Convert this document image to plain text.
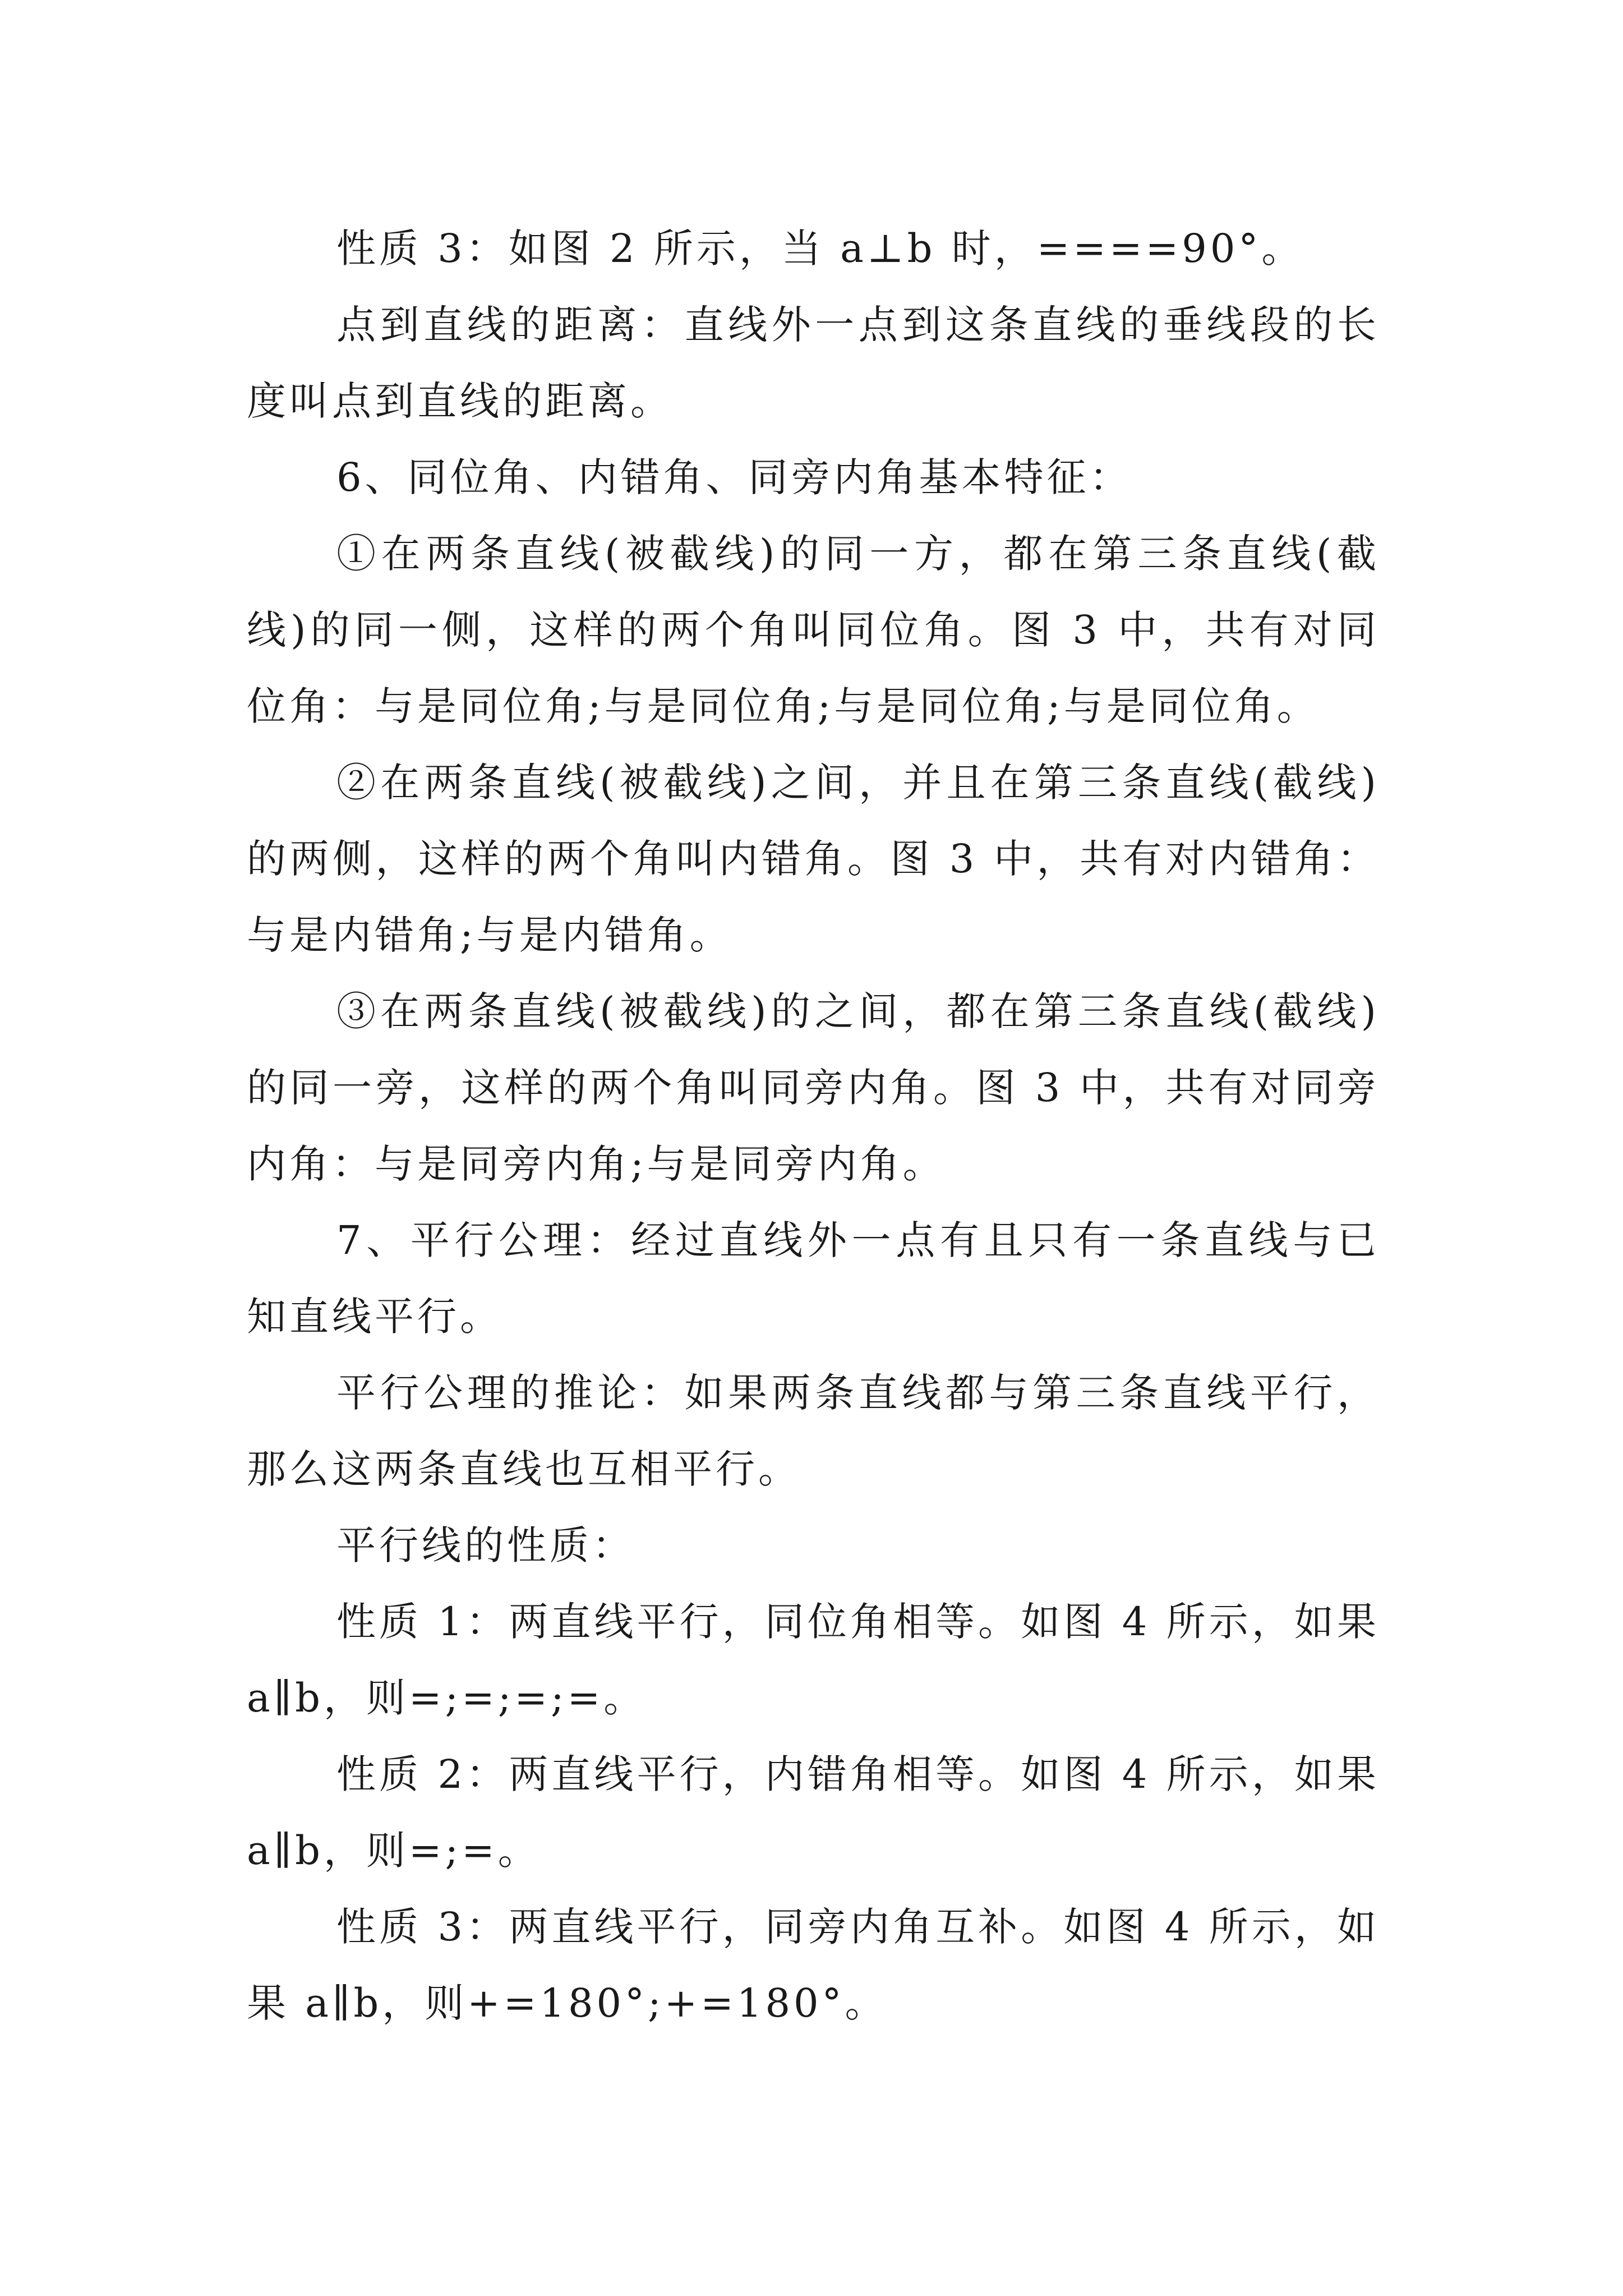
性质 3：如图 2 所示，当 a⊥b 时，====90°。

点到直线的距离：直线外一点到这条直线的垂线段的长度叫点到直线的距离。

6、同位角、内错角、同旁内角基本特征：

①在两条直线(被截线)的同一方，都在第三条直线(截线)的同一侧，这样的两个角叫同位角。图 3 中，共有对同位角：与是同位角;与是同位角;与是同位角;与是同位角。

②在两条直线(被截线)之间，并且在第三条直线(截线)的两侧，这样的两个角叫内错角。图 3 中，共有对内错角：与是内错角;与是内错角。

③在两条直线(被截线)的之间，都在第三条直线(截线)的同一旁，这样的两个角叫同旁内角。图 3 中，共有对同旁内角：与是同旁内角;与是同旁内角。

7、平行公理：经过直线外一点有且只有一条直线与已知直线平行。

平行公理的推论：如果两条直线都与第三条直线平行，那么这两条直线也互相平行。

平行线的性质：

性质 1：两直线平行，同位角相等。如图 4 所示，如果 a∥b，则=;=;=;=。

性质 2：两直线平行，内错角相等。如图 4 所示，如果 a∥b，则=;=。

性质 3：两直线平行，同旁内角互补。如图 4 所示，如果 a∥b，则+=180°;+=180°。
